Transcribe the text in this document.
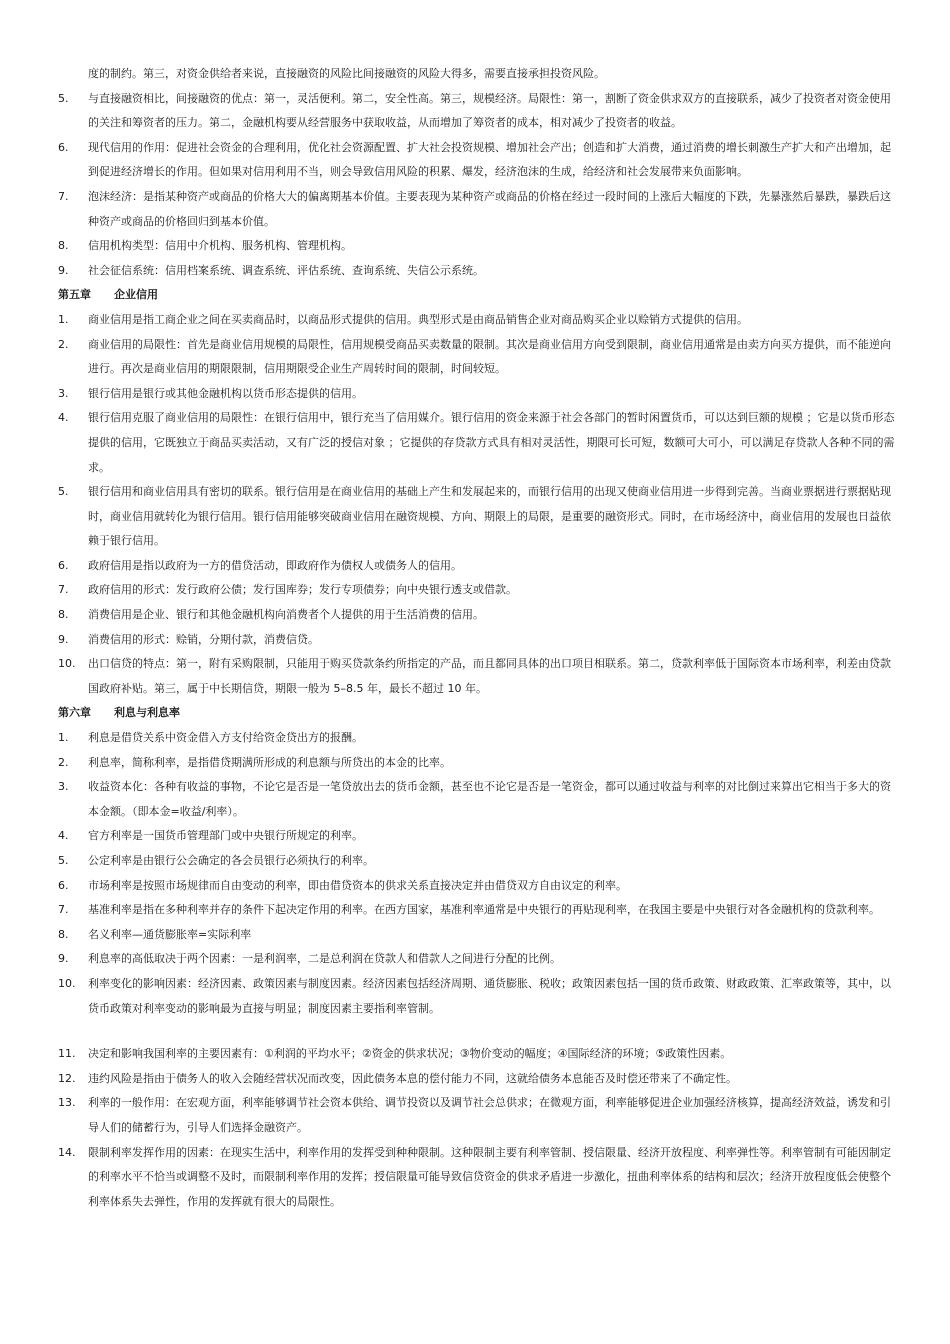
度的制约。第三，对资金供给者来说，直接融资的风险比间接融资的风险大得多，需要直接承担投资风险。

5.	与直接融资相比，间接融资的优点：第一，灵活便利。第二，安全性高。第三，规模经济。局限性：第一，割断了资金供求双方的直接联系，减少了投资者对资金使用的关注和筹资者的压力。第二，金融机构要从经营服务中获取收益，从而增加了筹资者的成本，相对减少了投资者的收益。
6.	现代信用的作用：促进社会资金的合理利用，优化社会资源配置、扩大社会投资规模、增加社会产出；创造和扩大消费，通过消费的增长刺激生产扩大和产出增加，起到促进经济增长的作用。但如果对信用利用不当，则会导致信用风险的积累、爆发，经济泡沫的生成，给经济和社会发展带来负面影响。
7.	泡沫经济：是指某种资产或商品的价格大大的偏离期基本价值。主要表现为某种资产或商品的价格在经过一段时间的上涨后大幅度的下跌，先暴涨然后暴跌，暴跌后这种资产或商品的价格回归到基本价值。
8.	信用机构类型：信用中介机构、服务机构、管理机构。
9.	社会征信系统：信用档案系统、调查系统、评估系统、查询系统、失信公示系统。
第五章	企业信用
1.	商业信用是指工商企业之间在买卖商品时，以商品形式提供的信用。典型形式是由商品销售企业对商品购买企业以赊销方式提供的信用。
2.	商业信用的局限性：首先是商业信用规模的局限性，信用规模受商品买卖数量的限制。其次是商业信用方向受到限制，商业信用通常是由卖方向买方提供，而不能逆向进行。再次是商业信用的期限限制，信用期限受企业生产周转时间的限制，时间较短。
3.	银行信用是银行或其他金融机构以货币形态提供的信用。
4.	银行信用克服了商业信用的局限性：在银行信用中，银行充当了信用媒介。银行信用的资金来源于社会各部门的暂时闲置货币，可以达到巨额的规模 ；它是以货币形态提供的信用，它既独立于商品买卖活动，又有广泛的授信对象 ；它提供的存贷款方式具有相对灵活性，期限可长可短，数额可大可小，可以满足存贷款人各种不同的需求。
5.	银行信用和商业信用具有密切的联系。银行信用是在商业信用的基础上产生和发展起来的，而银行信用的出现又使商业信用进一步得到完善。当商业票据进行票据贴现时，商业信用就转化为银行信用。银行信用能够突破商业信用在融资规模、方向、期限上的局限，是重要的融资形式。同时，在市场经济中，商业信用的发展也日益依赖于银行信用。
6.	政府信用是指以政府为一方的借贷活动，即政府作为债权人或债务人的信用。
7.	政府信用的形式：发行政府公债；发行国库券；发行专项债券；向中央银行透支或借款。
8.	消费信用是企业、银行和其他金融机构向消费者个人提供的用于生活消费的信用。
9.	消费信用的形式：赊销，分期付款，消费信贷。
10.	出口信贷的特点：第一，附有采购限制，只能用于购买贷款条约所指定的产品，而且都同具体的出口项目相联系。第二，贷款利率低于国际资本市场利率，利差由贷款国政府补贴。第三，属于中长期信贷，期限一般为 5–8.5 年，最长不超过 10 年。
第六章	利息与利息率
1.	利息是借贷关系中资金借入方支付给资金贷出方的报酬。
2.	利息率，简称利率，是指借贷期满所形成的利息额与所贷出的本金的比率。
3.	收益资本化：各种有收益的事物，不论它是否是一笔贷放出去的货币金额，甚至也不论它是否是一笔资金，都可以通过收益与利率的对比倒过来算出它相当于多大的资本金额。（即本金=收益/利率）。
4.	官方利率是一国货币管理部门或中央银行所规定的利率。
5.	公定利率是由银行公会确定的各会员银行必须执行的利率。
6.	市场利率是按照市场规律而自由变动的利率，即由借贷资本的供求关系直接决定并由借贷双方自由议定的利率。
7.	基准利率是指在多种利率并存的条件下起决定作用的利率。在西方国家，基准利率通常是中央银行的再贴现利率，在我国主要是中央银行对各金融机构的贷款利率。
8.	名义利率—通货膨胀率=实际利率
9.	利息率的高低取决于两个因素：一是利润率，二是总利润在贷款人和借款人之间进行分配的比例。
10.	利率变化的影响因素：经济因素、政策因素与制度因素。经济因素包括经济周期、通货膨胀、税收；政策因素包括一国的货币政策、财政政策、汇率政策等，其中，以货币政策对利率变动的影响最为直接与明显；制度因素主要指利率管制。
11.	决定和影响我国利率的主要因素有：①利润的平均水平；②资金的供求状况；③物价变动的幅度；④国际经济的环境；⑤政策性因素。
12.	违约风险是指由于债务人的收入会随经营状况而改变，因此债务本息的偿付能力不同，这就给债务本息能否及时偿还带来了不确定性。
13.	利率的一般作用：在宏观方面，利率能够调节社会资本供给、调节投资以及调节社会总供求；在微观方面，利率能够促进企业加强经济核算，提高经济效益，诱发和引导人们的储蓄行为，引导人们选择金融资产。
14.	限制利率发挥作用的因素：在现实生活中，利率作用的发挥受到种种限制。这种限制主要有利率管制、授信限量、经济开放程度、利率弹性等。利率管制有可能因制定的利率水平不恰当或调整不及时，而限制利率作用的发挥；授信限量可能导致信贷资金的供求矛盾进一步激化，扭曲利率体系的结构和层次；经济开放程度低会使整个利率体系失去弹性，作用的发挥就有很大的局限性。
